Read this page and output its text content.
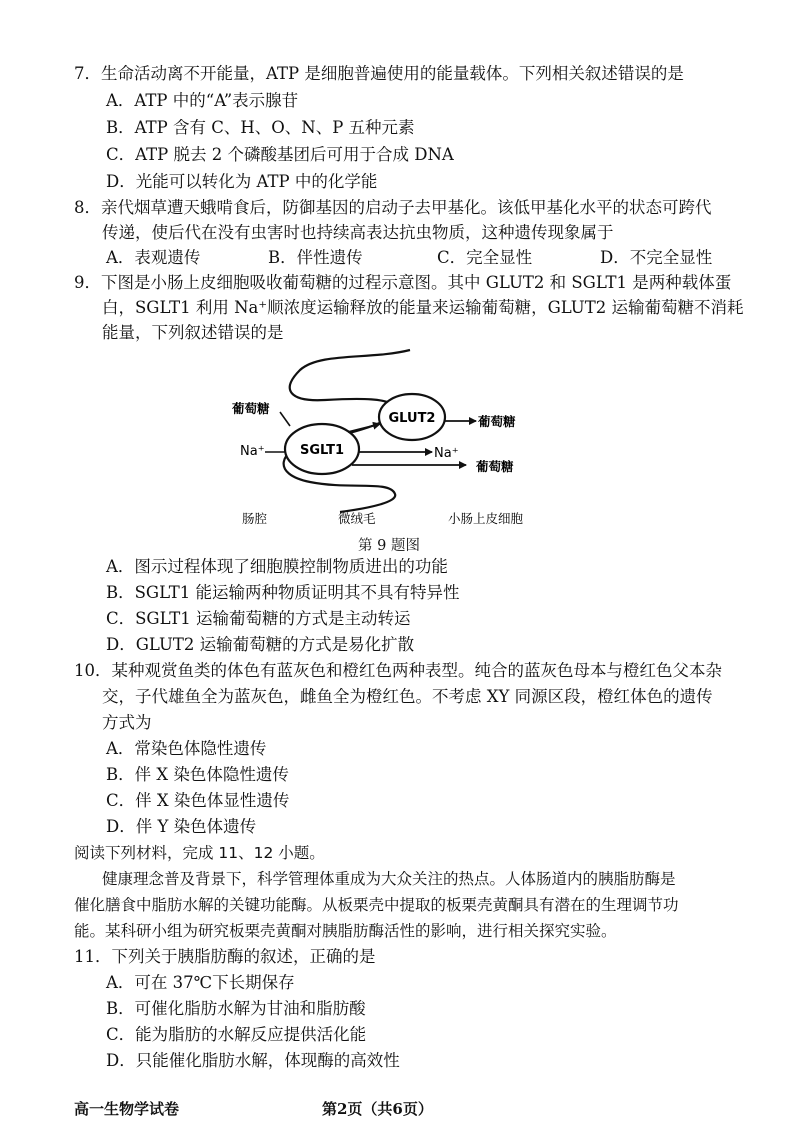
7．生命活动离不开能量，ATP 是细胞普遍使用的能量载体。下列相关叙述错误的是
A．ATP 中的“A”表示腺苷
B．ATP 含有 C、H、O、N、P 五种元素
C．ATP 脱去 2 个磷酸基团后可用于合成 DNA
D．光能可以转化为 ATP 中的化学能
8．亲代烟草遭天蛾啃食后，防御基因的启动子去甲基化。该低甲基化水平的状态可跨代
传递，使后代在没有虫害时也持续高表达抗虫物质，这种遗传现象属于
A．表观遗传	B．伴性遗传	C．完全显性	D．不完全显性
9．下图是小肠上皮细胞吸收葡萄糖的过程示意图。其中 GLUT2 和 SGLT1 是两种载体蛋
白，SGLT1 利用 Na⁺顺浓度运输释放的能量来运输葡萄糖，GLUT2 运输葡萄糖不消耗
能量，下列叙述错误的是
GLUT2
SGLT1
葡萄糖
Na⁺
葡萄糖
Na⁺
葡萄糖
肠腔	微绒毛	小肠上皮细胞
第 9 题图
A．图示过程体现了细胞膜控制物质进出的功能
B．SGLT1 能运输两种物质证明其不具有特异性
C．SGLT1 运输葡萄糖的方式是主动转运
D．GLUT2 运输葡萄糖的方式是易化扩散
10．某种观赏鱼类的体色有蓝灰色和橙红色两种表型。纯合的蓝灰色母本与橙红色父本杂
交，子代雄鱼全为蓝灰色，雌鱼全为橙红色。不考虑 XY 同源区段，橙红体色的遗传
方式为
A．常染色体隐性遗传
B．伴 X 染色体隐性遗传
C．伴 X 染色体显性遗传
D．伴 Y 染色体遗传
阅读下列材料，完成 11、12 小题。
健康理念普及背景下，科学管理体重成为大众关注的热点。人体肠道内的胰脂肪酶是
催化膳食中脂肪水解的关键功能酶。从板栗壳中提取的板栗壳黄酮具有潜在的生理调节功
能。某科研小组为研究板栗壳黄酮对胰脂肪酶活性的影响，进行相关探究实验。
11．下列关于胰脂肪酶的叙述，正确的是
A．可在 37℃下长期保存
B．可催化脂肪水解为甘油和脂肪酸
C．能为脂肪的水解反应提供活化能
D．只能催化脂肪水解，体现酶的高效性
高一生物学试卷	第2页（共6页）
